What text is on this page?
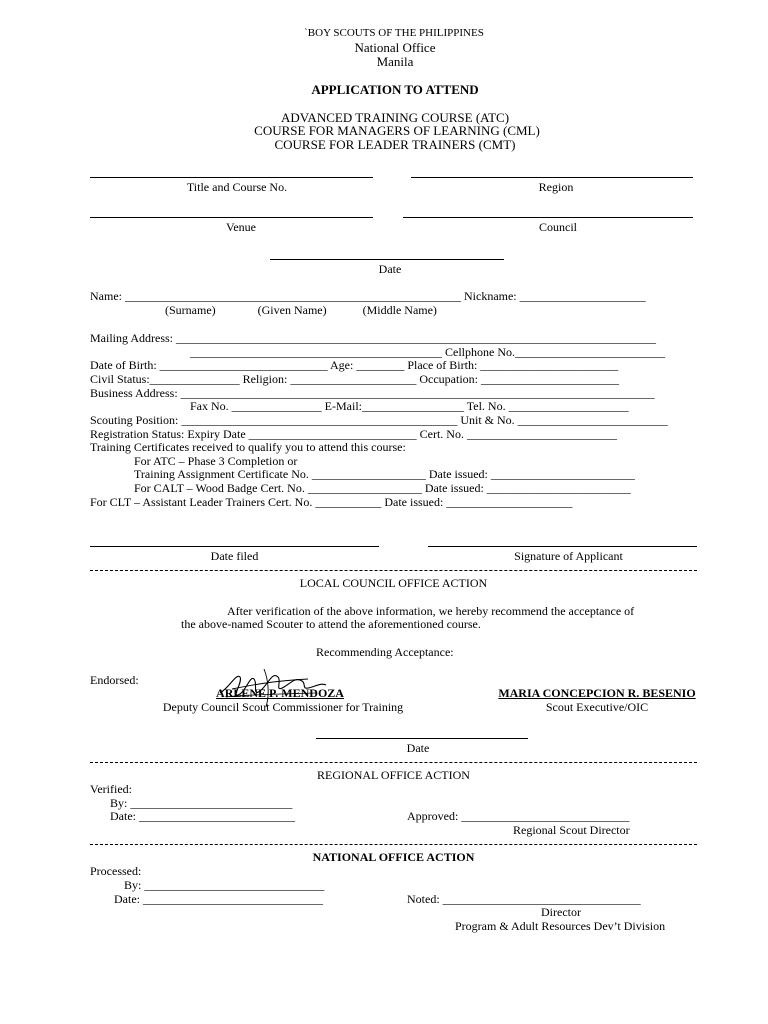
`BOY SCOUTS OF THE PHILIPPINES
National Office
Manila
APPLICATION TO ATTEND
ADVANCED TRAINING COURSE (ATC)
COURSE FOR MANAGERS OF LEARNING (CML)
COURSE FOR LEADER TRAINERS (CMT)
Title and Course No.	Region
Venue	Council
Date
Name: ________________________________________________________ Nickname: _____________________
(Surname)              (Given Name)            (Middle Name)
Mailing Address: ________________________________________________________________________________
__________________________________________ Cellphone No._________________________
Date of Birth: ____________________________ Age: ________ Place of Birth: _______________________
Civil Status:_______________ Religion: _____________________ Occupation: _______________________
Business Address: _______________________________________________________________________________
Fax No. _______________ E-Mail:_________________ Tel. No. ____________________
Scouting Position: ______________________________________________ Unit & No. _________________________
Registration Status: Expiry Date ____________________________ Cert. No. _________________________
Training Certificates received to qualify you to attend this course:
For ATC – Phase 3 Completion or
Training Assignment Certificate No. ___________________ Date issued: ________________________
For CALT – Wood Badge Cert. No. ___________________ Date issued: ________________________
For CLT – Assistant Leader Trainers Cert. No. ___________ Date issued: _____________________
Date filed	Signature of Applicant
LOCAL COUNCIL OFFICE ACTION
After verification of the above information, we hereby recommend the acceptance of
the above-named Scouter to attend the aforementioned course.
Recommending Acceptance:
Endorsed:
ARLENE P. MENDOZA
Deputy Council Scout Commissioner for Training
MARIA CONCEPCION R. BESENIO
Scout Executive/OIC
Date
REGIONAL OFFICE ACTION
Verified:
By: ___________________________
Date: __________________________	Approved: ____________________________
Regional Scout Director
NATIONAL OFFICE ACTION
Processed:
By: ______________________________
Date: ______________________________	Noted: _________________________________
Director
Program & Adult Resources Dev’t Division
